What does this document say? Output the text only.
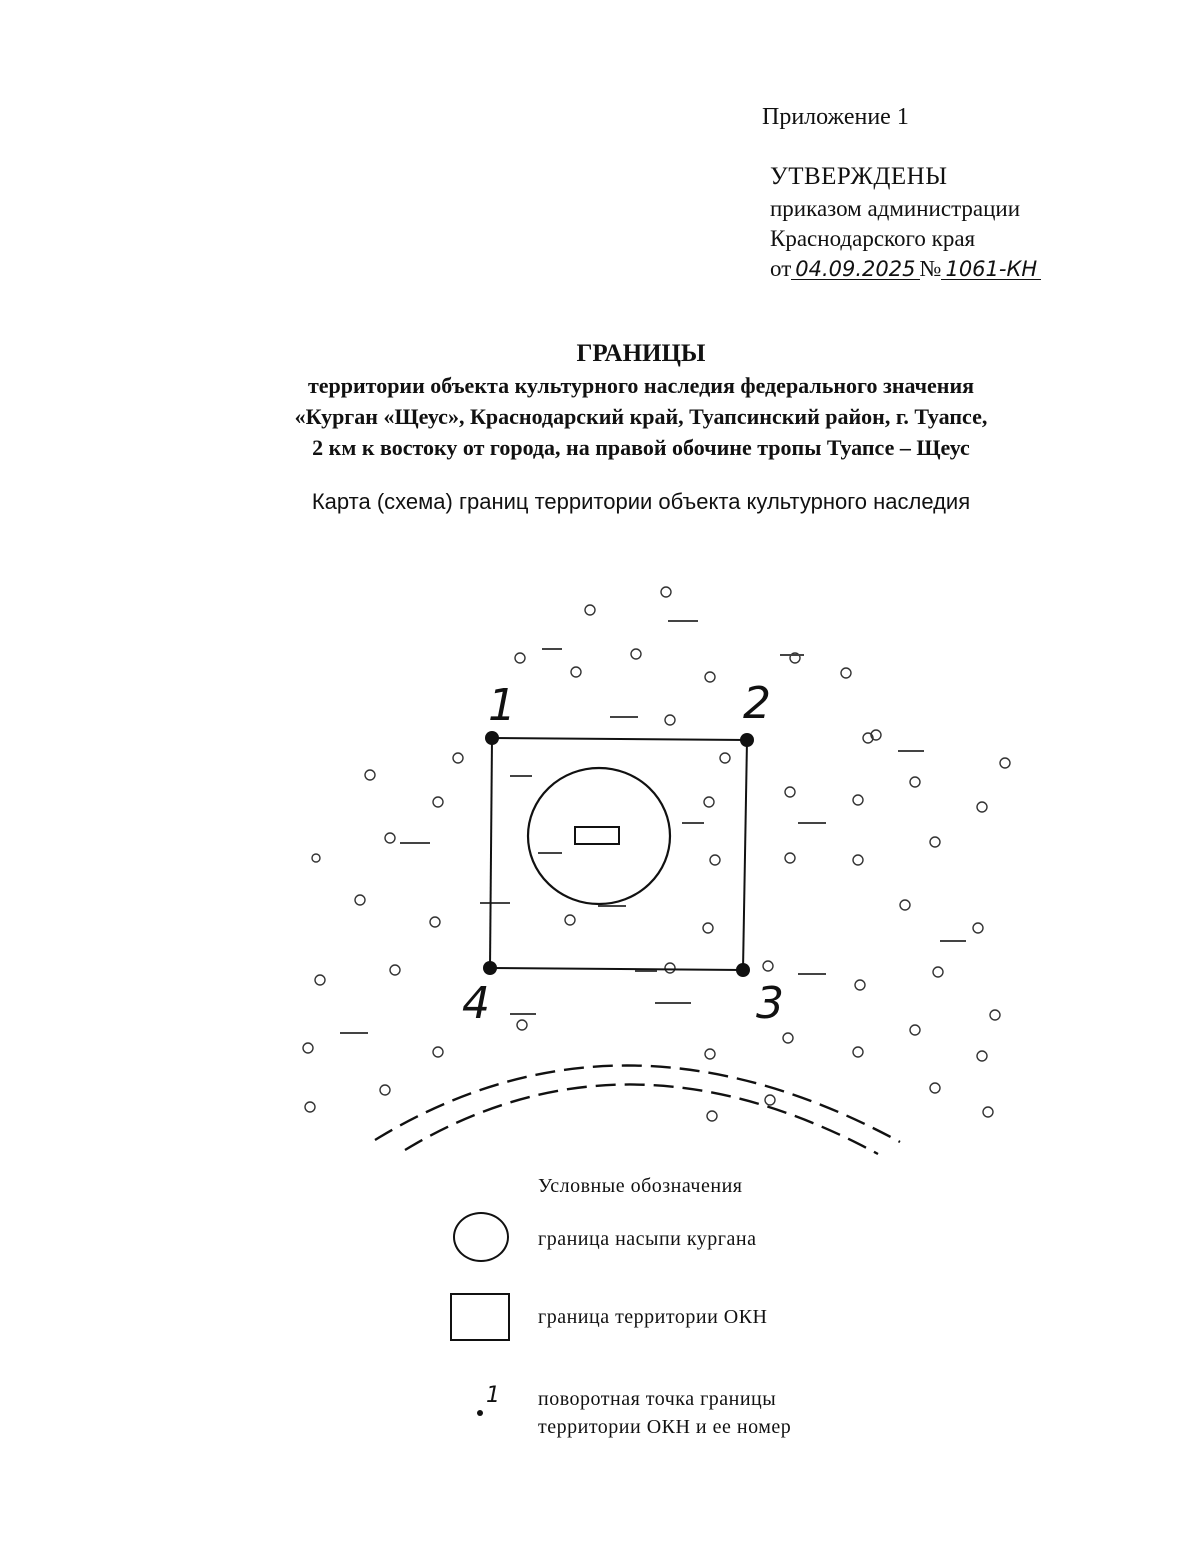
Приложение 1
УТВЕРЖДЕНЫ
приказом администрации
Краснодарского края
от 04.09.2025 № 1061-КН
ГРАНИЦЫ
территории объекта культурного наследия федерального значения
«Курган «Щеус», Краснодарский край, Туапсинский район, г. Туапсе,
2 км к востоку от города, на правой обочине тропы Туапсе – Щеус
Карта (схема) границ территории объекта культурного наследия
1	2
3
4
Условные обозначения
граница насыпи кургана
граница территории ОКН
1 поворотная точка границы
территории ОКН и ее номер
